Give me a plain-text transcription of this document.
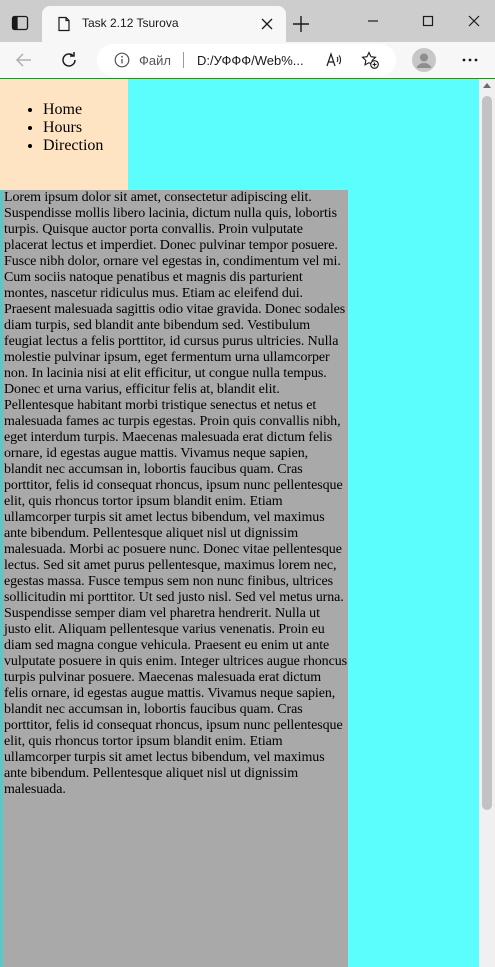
Task 2.12 Tsurova
Файл D:/УФФФ/Web%...
• Home
• Hours
• Direction

Lorem ipsum dolor sit amet, consectetur adipiscing elit. Suspendisse mollis libero lacinia, dictum nulla quis, lobortis turpis. Quisque auctor porta convallis. Proin vulputate placerat lectus et imperdiet. Donec pulvinar tempor posuere. Fusce nibh dolor, ornare vel egestas in, condimentum vel mi. Cum sociis natoque penatibus et magnis dis parturient montes, nascetur ridiculus mus. Etiam ac eleifend dui. Praesent malesuada sagittis odio vitae gravida. Donec sodales diam turpis, sed blandit ante bibendum sed. Vestibulum feugiat lectus a felis porttitor, id cursus purus ultricies. Nulla molestie pulvinar ipsum, eget fermentum urna ullamcorper non. In lacinia nisi at elit efficitur, ut congue nulla tempus. Donec et urna varius, efficitur felis at, blandit elit. Pellentesque habitant morbi tristique senectus et netus et malesuada fames ac turpis egestas. Proin quis convallis nibh, eget interdum turpis. Maecenas malesuada erat dictum felis ornare, id egestas augue mattis. Vivamus neque sapien, blandit nec accumsan in, lobortis faucibus quam. Cras porttitor, felis id consequat rhoncus, ipsum nunc pellentesque elit, quis rhoncus tortor ipsum blandit enim. Etiam ullamcorper turpis sit amet lectus bibendum, vel maximus ante bibendum. Pellentesque aliquet nisl ut dignissim malesuada. Morbi ac posuere nunc. Donec vitae pellentesque lectus. Sed sit amet purus pellentesque, maximus lorem nec, egestas massa. Fusce tempus sem non nunc finibus, ultrices sollicitudin mi porttitor. Ut sed justo nisl. Sed vel metus urna. Suspendisse semper diam vel pharetra hendrerit. Nulla ut justo elit. Aliquam pellentesque varius venenatis. Proin eu diam sed magna congue vehicula. Praesent eu enim ut ante vulputate posuere in quis enim. Integer ultrices augue rhoncus turpis pulvinar posuere. Maecenas malesuada erat dictum felis ornare, id egestas augue mattis. Vivamus neque sapien, blandit nec accumsan in, lobortis faucibus quam. Cras porttitor, felis id consequat rhoncus, ipsum nunc pellentesque elit, quis rhoncus tortor ipsum blandit enim. Etiam ullamcorper turpis sit amet lectus bibendum, vel maximus ante bibendum. Pellentesque aliquet nisl ut dignissim malesuada.
